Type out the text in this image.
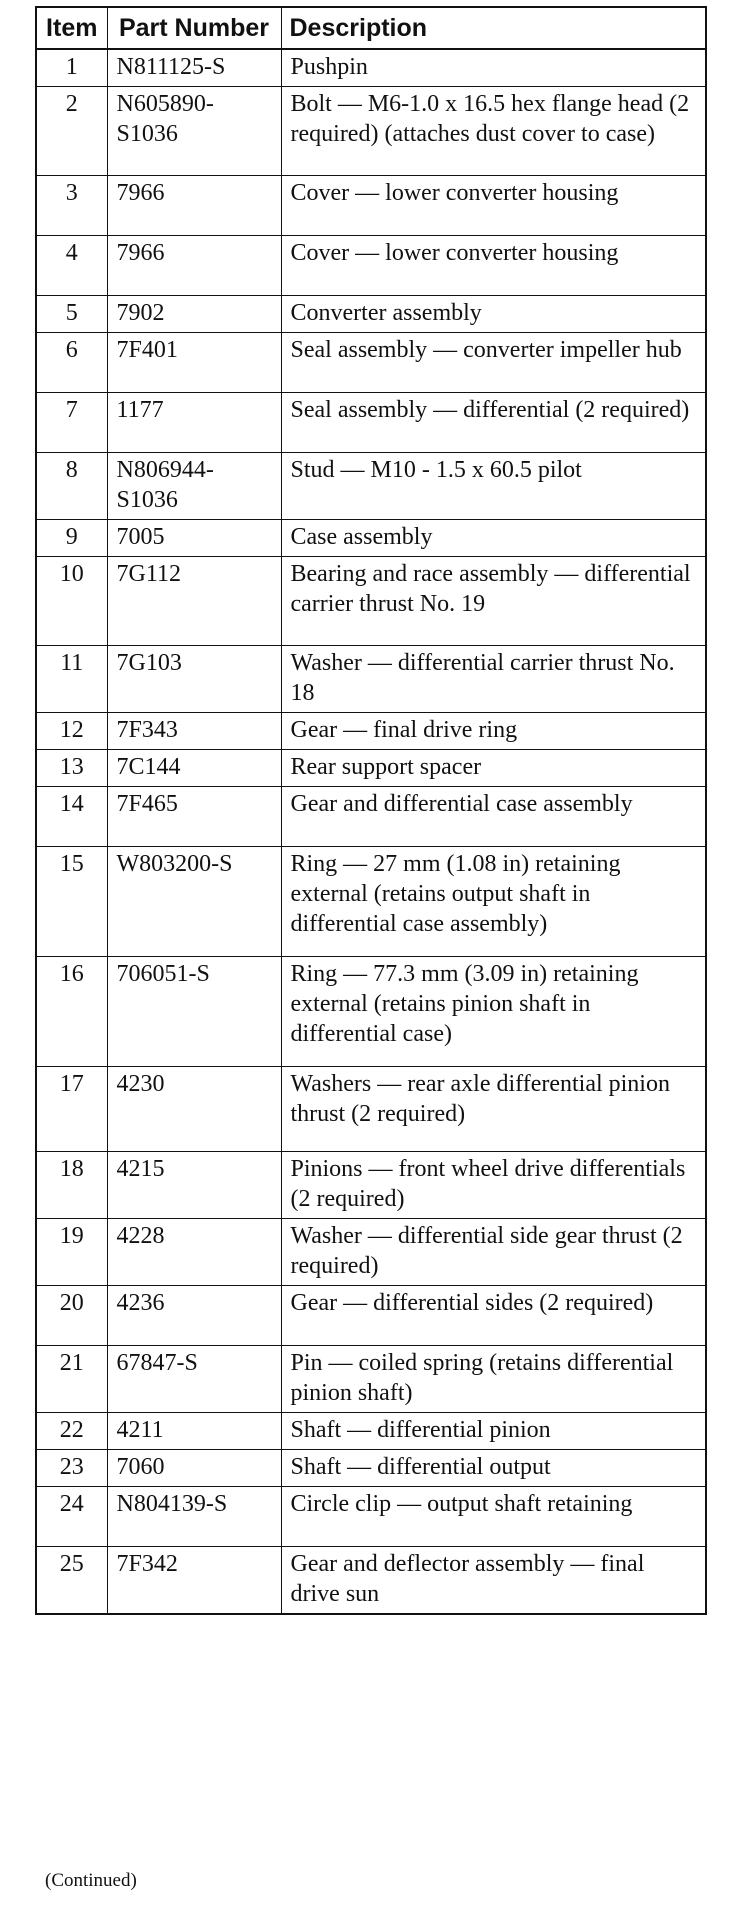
Item	Part Number	Description
1	N811125-S	Pushpin
2	N605890-S1036	Bolt — M6-1.0 x 16.5 hex flange head (2 required) (attaches dust cover to case)
3	7966	Cover — lower converter housing
4	7966	Cover — lower converter housing
5	7902	Converter assembly
6	7F401	Seal assembly — converter impeller hub
7	1177	Seal assembly — differential (2 required)
8	N806944-S1036	Stud — M10 - 1.5 x 60.5 pilot
9	7005	Case assembly
10	7G112	Bearing and race assembly — differential carrier thrust No. 19
11	7G103	Washer — differential carrier thrust No. 18
12	7F343	Gear — final drive ring
13	7C144	Rear support spacer
14	7F465	Gear and differential case assembly
15	W803200-S	Ring — 27 mm (1.08 in) retaining external (retains output shaft in differential case assembly)
16	706051-S	Ring — 77.3 mm (3.09 in) retaining external (retains pinion shaft in differential case)
17	4230	Washers — rear axle differential pinion thrust (2 required)
18	4215	Pinions — front wheel drive differentials (2 required)
19	4228	Washer — differential side gear thrust (2 required)
20	4236	Gear — differential sides (2 required)
21	67847-S	Pin — coiled spring (retains differential pinion shaft)
22	4211	Shaft — differential pinion
23	7060	Shaft — differential output
24	N804139-S	Circle clip — output shaft retaining
25	7F342	Gear and deflector assembly — final drive sun
(Continued)
